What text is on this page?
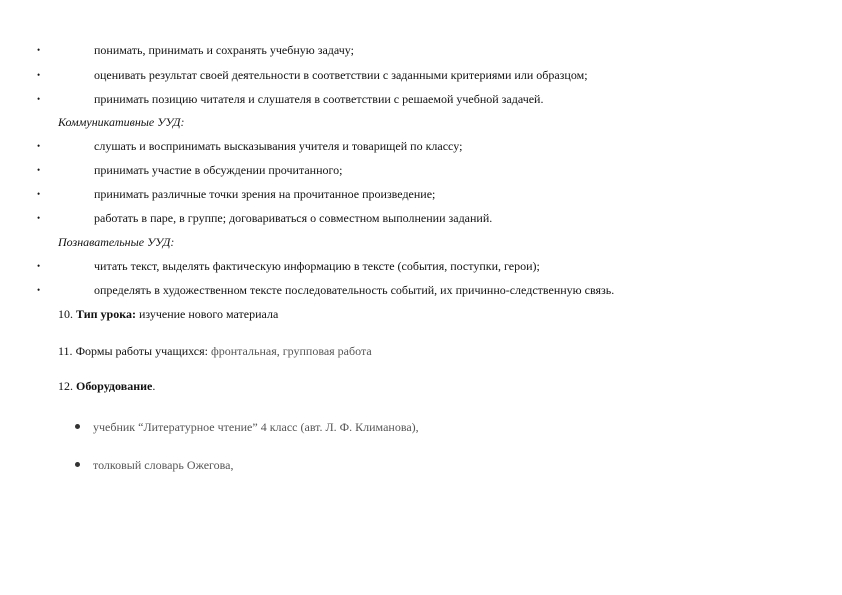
•	понимать, принимать и сохранять учебную задачу;
•	оценивать результат своей деятельности в соответствии с заданными критериями или образцом;
•	принимать позицию читателя и слушателя в соответствии с решаемой учебной задачей.
Коммуникативные УУД:
•	слушать и воспринимать высказывания учителя и товарищей по классу;
•	принимать участие в обсуждении прочитанного;
•	принимать различные точки зрения на прочитанное произведение;
•	работать в паре, в группе; договариваться о совместном выполнении заданий.
Познавательные УУД:
•	читать текст, выделять фактическую информацию в тексте (события, поступки, герои);
•	определять в художественном тексте последовательность событий, их причинно-следственную связь.
10. Тип урока: изучение нового материала
11. Формы работы учащихся: фронтальная, групповая работа
12. Оборудование.
учебник “Литературное чтение” 4 класс (авт. Л. Ф. Климанова),
толковый словарь Ожегова,
